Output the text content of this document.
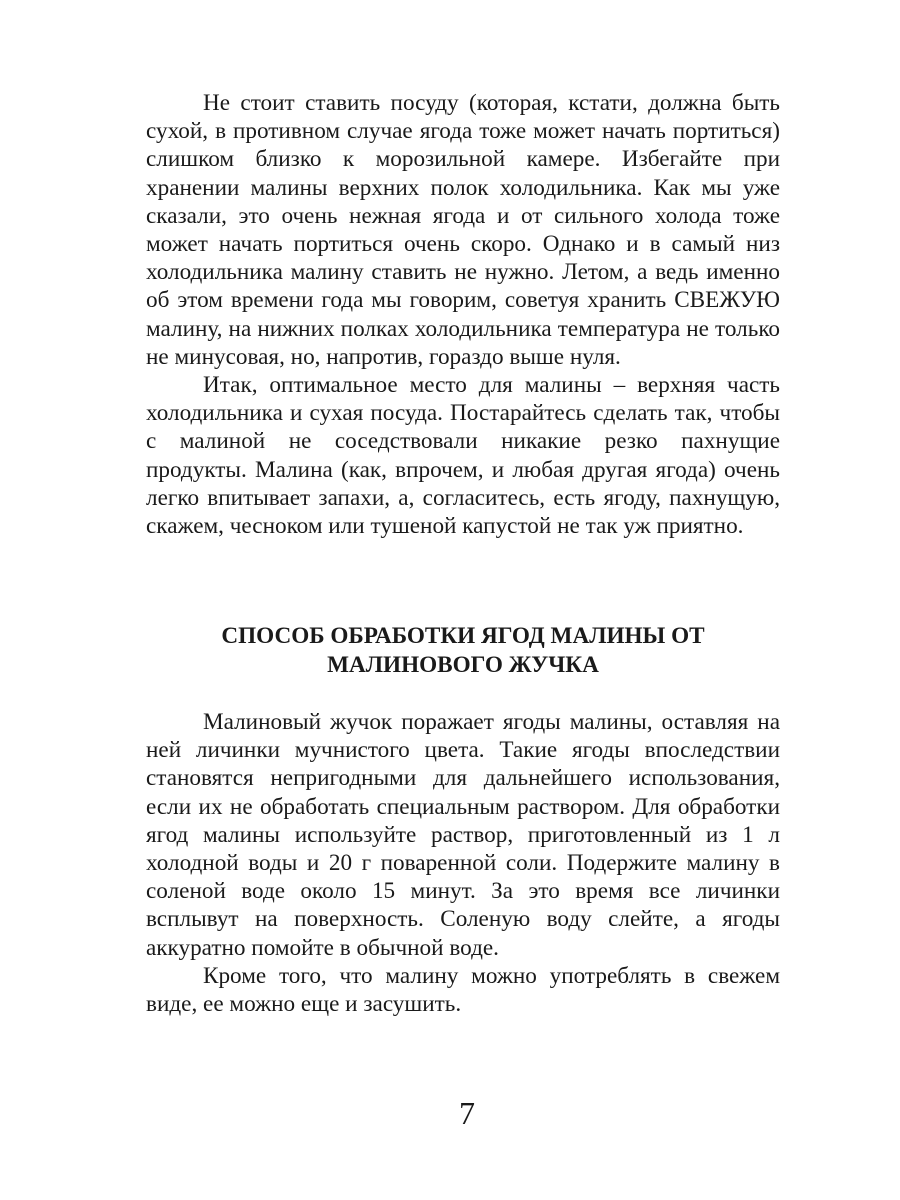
Не стоит ставить посуду (которая, кстати, должна быть сухой, в противном случае ягода тоже может начать портиться) слишком близко к морозильной камере. Избегайте при хранении малины верхних полок холодильника. Как мы уже сказали, это очень нежная ягода и от сильного холода тоже может начать портиться очень скоро. Однако и в самый низ холодильника малину ставить не нужно. Летом, а ведь именно об этом времени года мы говорим, советуя хранить СВЕЖУЮ малину, на нижних полках холодильника температура не только не минусовая, но, напротив, гораздо выше нуля.

Итак, оптимальное место для малины – верхняя часть холодильника и сухая посуда. Постарайтесь сделать так, чтобы с малиной не соседствовали никакие резко пахнущие продукты. Малина (как, впрочем, и любая другая ягода) очень легко впитывает запахи, а, согласитесь, есть ягоду, пахнущую, скажем, чесноком или тушеной капустой не так уж приятно.

СПОСОБ ОБРАБОТКИ ЯГОД МАЛИНЫ ОТ
МАЛИНОВОГО ЖУЧКА

Малиновый жучок поражает ягоды малины, оставляя на ней личинки мучнистого цвета. Такие ягоды впоследствии становятся непригодными для дальнейшего использования, если их не обработать специальным раствором. Для обработки ягод малины используйте раствор, приготовленный из 1 л холодной воды и 20 г поваренной соли. Подержите малину в соленой воде около 15 минут. За это время все личинки всплывут на поверхность. Соленую воду слейте, а ягоды аккуратно помойте в обычной воде.

Кроме того, что малину можно употреблять в свежем виде, ее можно еще и засушить.

7
